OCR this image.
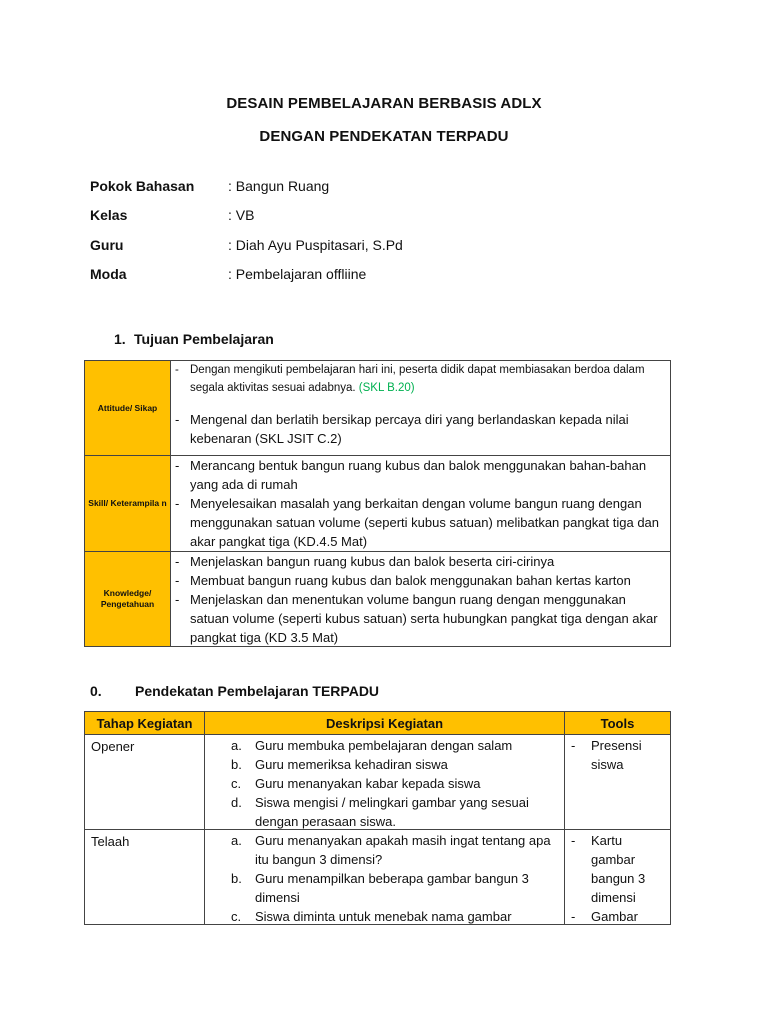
DESAIN PEMBELAJARAN BERBASIS ADLX
DENGAN PENDEKATAN TERPADU
Pokok Bahasan : Bangun Ruang
Kelas	: VB
Guru	: Diah Ayu Puspitasari, S.Pd
Moda	: Pembelajaran offliine
1. Tujuan Pembelajaran
Attitude/ Sikap
- Dengan mengikuti pembelajaran hari ini, peserta didik dapat membiasakan berdoa dalam segala aktivitas sesuai adabnya. (SKL B.20)
- Mengenal dan berlatih bersikap percaya diri yang berlandaskan kepada nilai kebenaran (SKL JSIT C.2)
Skill/ Keterampila n
- Merancang bentuk bangun ruang kubus dan balok menggunakan bahan-bahan yang ada di rumah
- Menyelesaikan masalah yang berkaitan dengan volume bangun ruang dengan menggunakan satuan volume (seperti kubus satuan) melibatkan pangkat tiga dan akar pangkat tiga (KD.4.5 Mat)
Knowledge/ Pengetahuan
- Menjelaskan bangun ruang kubus dan balok beserta ciri-cirinya
- Membuat bangun ruang kubus dan balok menggunakan bahan kertas karton
- Menjelaskan dan menentukan volume bangun ruang dengan menggunakan satuan volume (seperti kubus satuan) serta hubungkan pangkat tiga dengan akar pangkat tiga (KD 3.5 Mat)
0. Pendekatan Pembelajaran TERPADU
Tahap Kegiatan	Deskripsi Kegiatan	Tools
Opener	a.	Guru membuka pembelajaran dengan salam
b.	Guru memeriksa kehadiran siswa
c.	Guru menanyakan kabar kepada siswa
d.	Siswa mengisi / melingkari gambar yang sesuai dengan perasaan siswa.
-	Presensi siswa
Telaah	a.	Guru menanyakan apakah masih ingat tentang apa itu bangun 3 dimensi?
b.	Guru menampilkan beberapa gambar bangun 3 dimensi
c.	Siswa diminta untuk menebak nama gambar
-	Kartu gambar bangun 3 dimensi
-	Gambar
